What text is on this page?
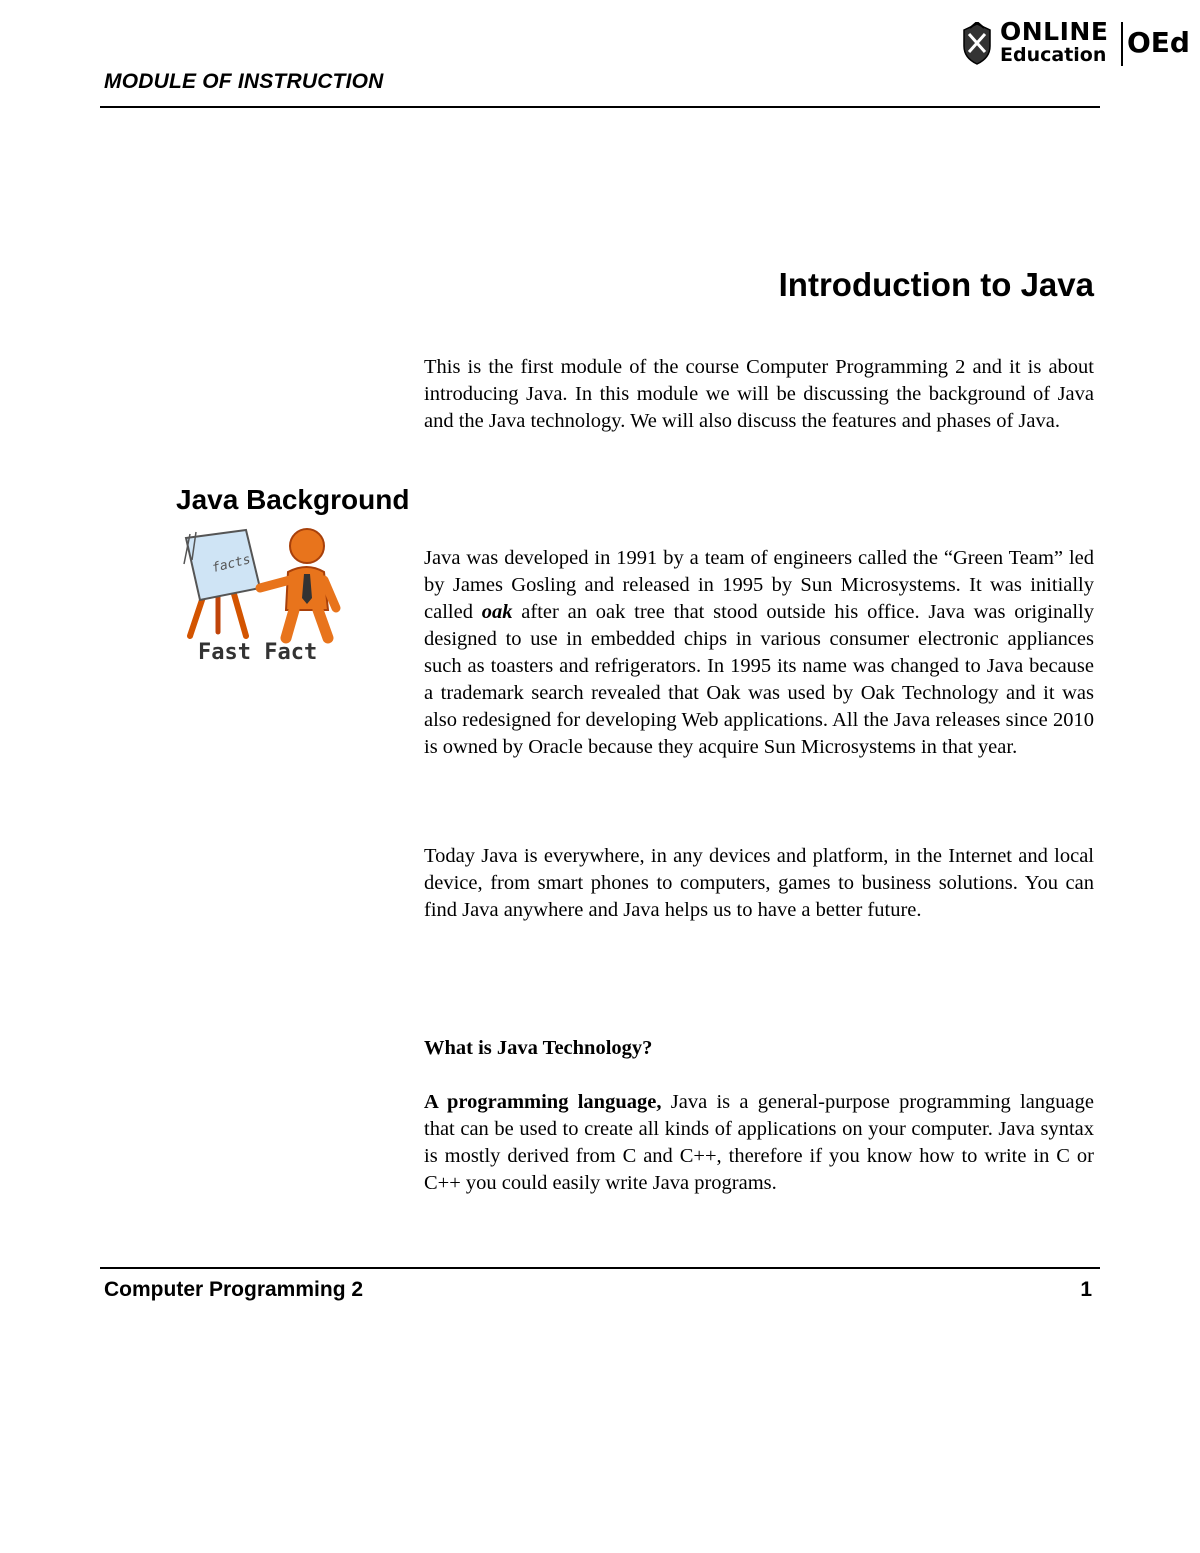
MODULE OF INSTRUCTION
ONLINE
Education OEd
Introduction to Java

This is the first module of the course Computer Programming 2 and it is about introducing Java. In this module we will be discussing the background of Java and the Java technology. We will also discuss the features and phases of Java.

Java Background
facts
Fast Fact

Java was developed in 1991 by a team of engineers called the “Green Team” led by James Gosling and released in 1995 by Sun Microsystems. It was initially called oak after an oak tree that stood outside his office. Java was originally designed to use in embedded chips in various consumer electronic appliances such as toasters and refrigerators. In 1995 its name was changed to Java because a trademark search revealed that Oak was used by Oak Technology and it was also redesigned for developing Web applications. All the Java releases since 2010 is owned by Oracle because they acquire Sun Microsystems in that year.

Today Java is everywhere, in any devices and platform, in the Internet and local device, from smart phones to computers, games to business solutions. You can find Java anywhere and Java helps us to have a better future.

What is Java Technology?

A programming language, Java is a general-purpose programming language that can be used to create all kinds of applications on your computer. Java syntax is mostly derived from C and C++, therefore if you know how to write in C or C++ you could easily write Java programs.

Computer Programming 2	1
